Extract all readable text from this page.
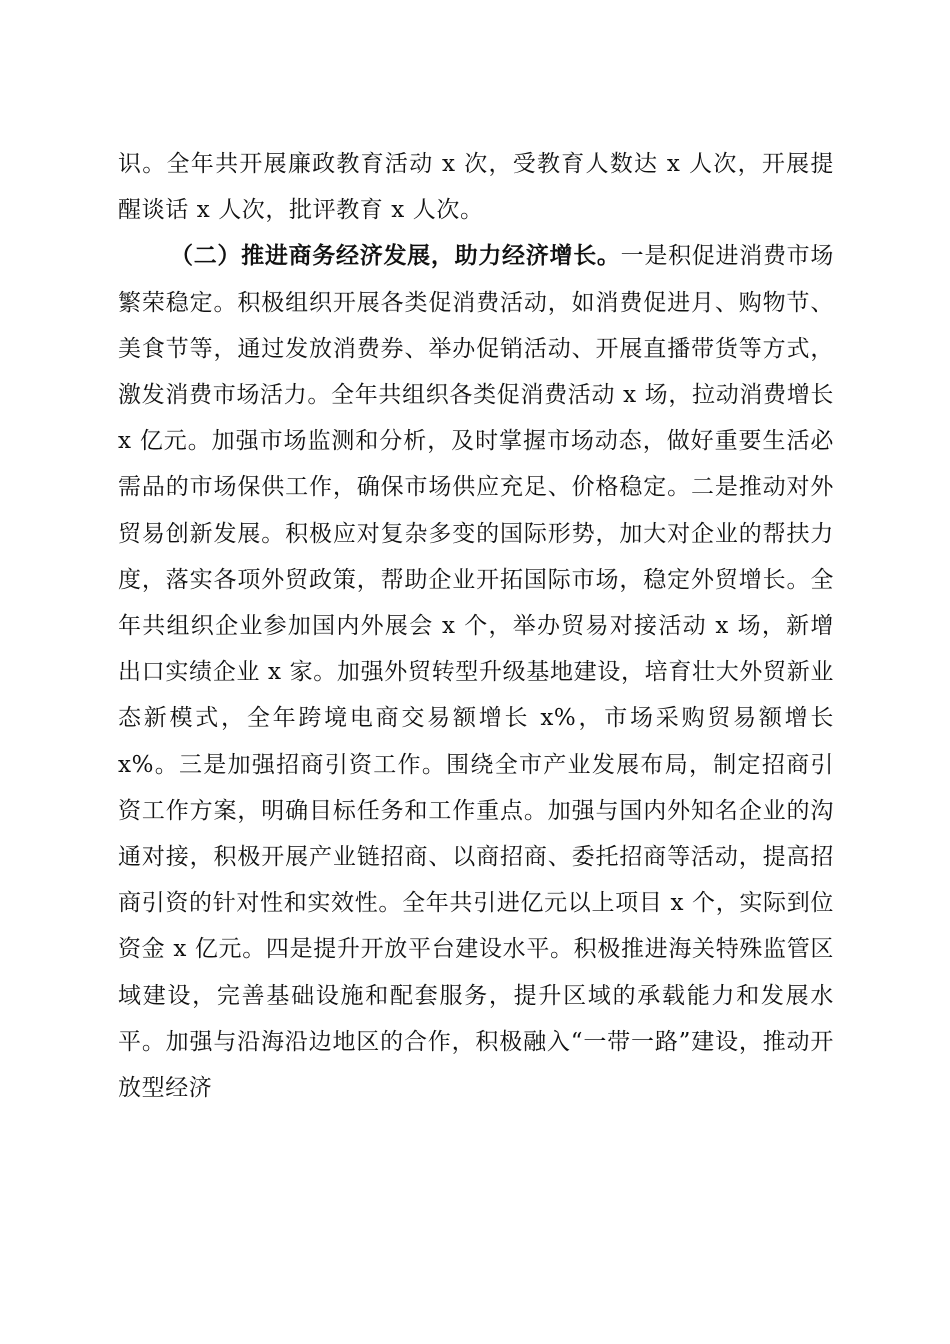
识。全年共开展廉政教育活动 x 次，受教育人数达 x 人次，开展提醒谈话 x 人次，批评教育 x 人次。

（二）推进商务经济发展，助力经济增长。一是积促进消费市场繁荣稳定。积极组织开展各类促消费活动，如消费促进月、购物节、美食节等，通过发放消费券、举办促销活动、开展直播带货等方式，激发消费市场活力。全年共组织各类促消费活动 x 场，拉动消费增长 x 亿元。加强市场监测和分析，及时掌握市场动态，做好重要生活必需品的市场保供工作，确保市场供应充足、价格稳定。二是推动对外贸易创新发展。积极应对复杂多变的国际形势，加大对企业的帮扶力度，落实各项外贸政策，帮助企业开拓国际市场，稳定外贸增长。全年共组织企业参加国内外展会 x 个，举办贸易对接活动 x 场，新增出口实绩企业 x 家。加强外贸转型升级基地建设，培育壮大外贸新业态新模式，全年跨境电商交易额增长 x%，市场采购贸易额增长 x%。三是加强招商引资工作。围绕全市产业发展布局，制定招商引资工作方案，明确目标任务和工作重点。加强与国内外知名企业的沟通对接，积极开展产业链招商、以商招商、委托招商等活动，提高招商引资的针对性和实效性。全年共引进亿元以上项目 x 个，实际到位资金 x 亿元。四是提升开放平台建设水平。积极推进海关特殊监管区域建设，完善基础设施和配套服务，提升区域的承载能力和发展水平。加强与沿海沿边地区的合作，积极融入“一带一路”建设，推动开放型经济
